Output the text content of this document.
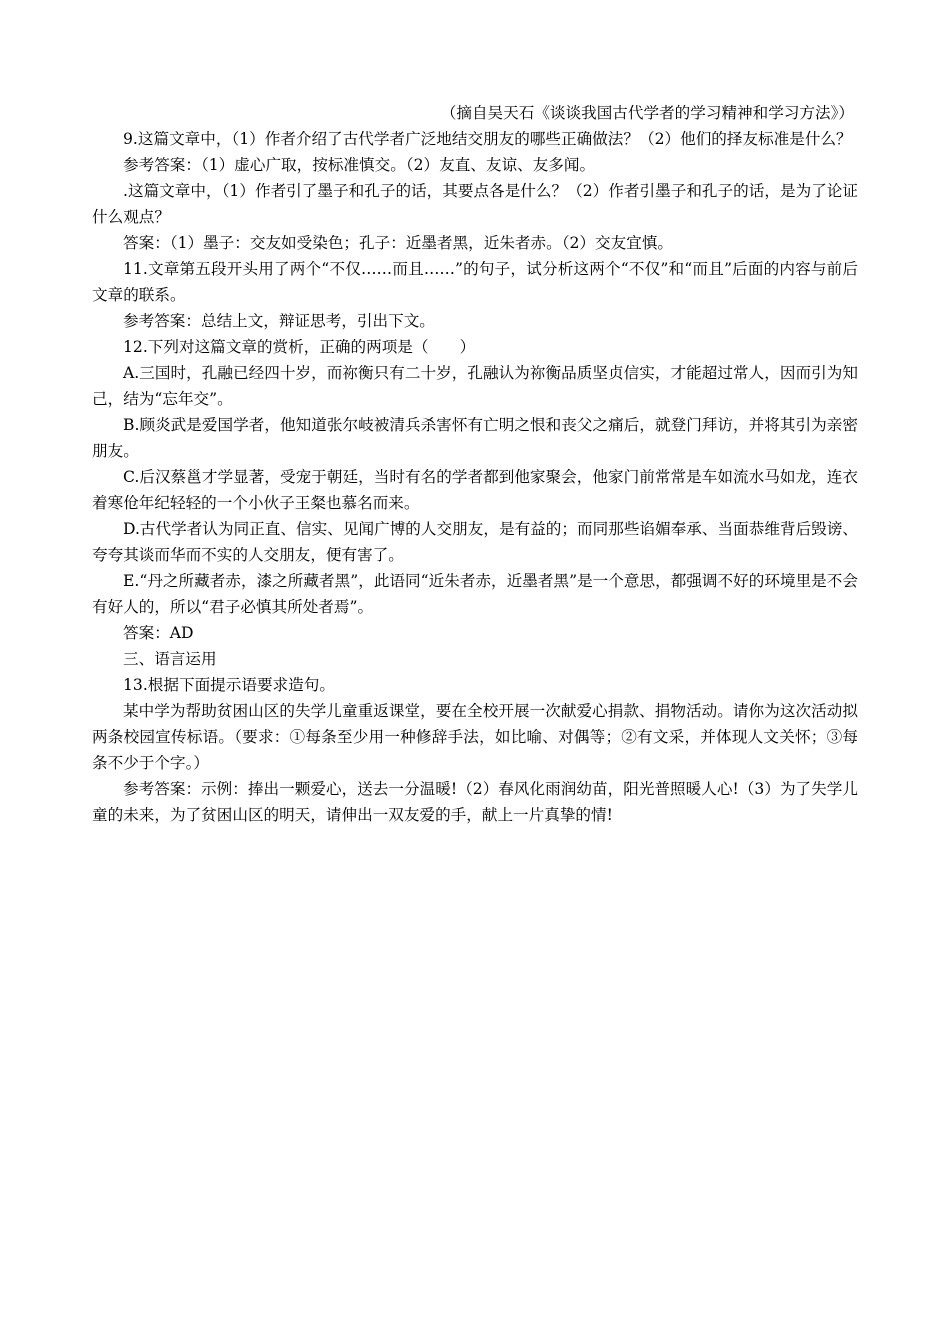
（摘自吴天石《谈谈我国古代学者的学习精神和学习方法》）

9.这篇文章中，（1）作者介绍了古代学者广泛地结交朋友的哪些正确做法？（2）他们的择友标准是什么？

参考答案：（1）虚心广取，按标准慎交。（2）友直、友谅、友多闻。

.这篇文章中，（1）作者引了墨子和孔子的话，其要点各是什么？（2）作者引墨子和孔子的话，是为了论证什么观点？

答案：（1）墨子：交友如受染色；孔子：近墨者黑，近朱者赤。（2）交友宜慎。

11.文章第五段开头用了两个“不仅……而且……”的句子，试分析这两个“不仅”和“而且”后面的内容与前后文章的联系。

参考答案：总结上文，辩证思考，引出下文。

12.下列对这篇文章的赏析，正确的两项是（　　）

A.三国时，孔融已经四十岁，而祢衡只有二十岁，孔融认为祢衡品质坚贞信实，才能超过常人，因而引为知己，结为“忘年交”。

B.顾炎武是爱国学者，他知道张尔岐被清兵杀害怀有亡明之恨和丧父之痛后，就登门拜访，并将其引为亲密朋友。

C.后汉蔡邕才学显著，受宠于朝廷，当时有名的学者都到他家聚会，他家门前常常是车如流水马如龙，连衣着寒伧年纪轻轻的一个小伙子王粲也慕名而来。

D.古代学者认为同正直、信实、见闻广博的人交朋友，是有益的；而同那些谄媚奉承、当面恭维背后毁谤、夸夸其谈而华而不实的人交朋友，便有害了。

E.“丹之所藏者赤，漆之所藏者黑”，此语同“近朱者赤，近墨者黑”是一个意思，都强调不好的环境里是不会有好人的，所以“君子必慎其所处者焉”。

答案：AD

三、语言运用

13.根据下面提示语要求造句。

某中学为帮助贫困山区的失学儿童重返课堂，要在全校开展一次献爱心捐款、捐物活动。请你为这次活动拟两条校园宣传标语。（要求：①每条至少用一种修辞手法，如比喻、对偶等；②有文采，并体现人文关怀；③每条不少于个字。）

参考答案：示例：捧出一颗爱心，送去一分温暖!（2）春风化雨润幼苗，阳光普照暖人心!（3）为了失学儿童的未来，为了贫困山区的明天，请伸出一双友爱的手，献上一片真挚的情!
